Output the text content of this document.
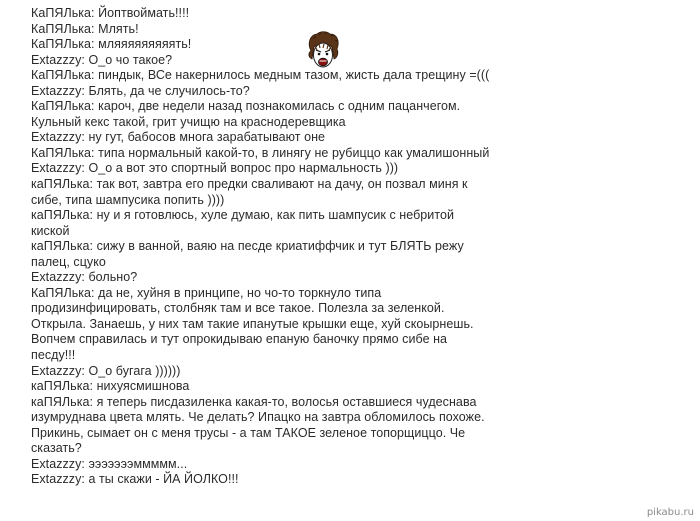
КаПЯЛька: Йоптвоймать!!!!
КаПЯЛька: Млять!
КаПЯЛька: мляяяяяяяяять!
Extazzzy: О_о чо такое?
КаПЯЛька: пиндык, ВСе накернилось медным тазом, жисть дала трещину =(((
Extazzzy: Блять, да че случилось-то?
КаПЯЛька: кароч, две недели назад познакомилась с одним пацанчегом.
Кульный кекс такой, грит учищю на краснодеревщика
Extazzzy: ну гут, бабосов многа зарабатывают оне
КаПЯЛька: типа нормальный какой-то, в линягу не рубиццо как умалишонный
Extazzzy: О_о а вот это спортный вопрос про нармальность )))
каПЯЛька: так вот, завтра его предки сваливают на дачу, он позвал миня к
сибе, типа шампусика попить ))))
каПЯЛька: ну и я готовлюсь, хуле думаю, как пить шампусик с небритой
киской
каПЯЛька: сижу в ванной, ваяю на песде криатиффчик и тут БЛЯТЬ режу
палец, сцуко
Extazzzy: больно?
КаПЯЛька: да не, хуйня в принципе, но чо-то торкнуло типа
продизинфицировать, столбняк там и все такое. Полезла за зеленкой.
Открыла. Занаешь, у них там такие ипанутые крышки еще, хуй скоырнешь.
Вопчем справилась и тут опрокидываю епаную баночку прямо сибе на
песду!!!
Extazzzy: О_о бугага ))))))
каПЯЛька: нихуясмишнова
каПЯЛька: я теперь писдазиленка какая-то, волосья оставшиеся чудеснава
изумруднава цвета млять. Че делать? Ипацко на завтра обломилось похоже.
Прикинь, сымает он с меня трусы - а там ТАКОЕ зеленое топорщиццо. Че
сказать?
Extazzzy: эээээээммммм...
Extazzzy: а ты скажи - ЙА ЙОЛКО!!!
pikabu.ru
